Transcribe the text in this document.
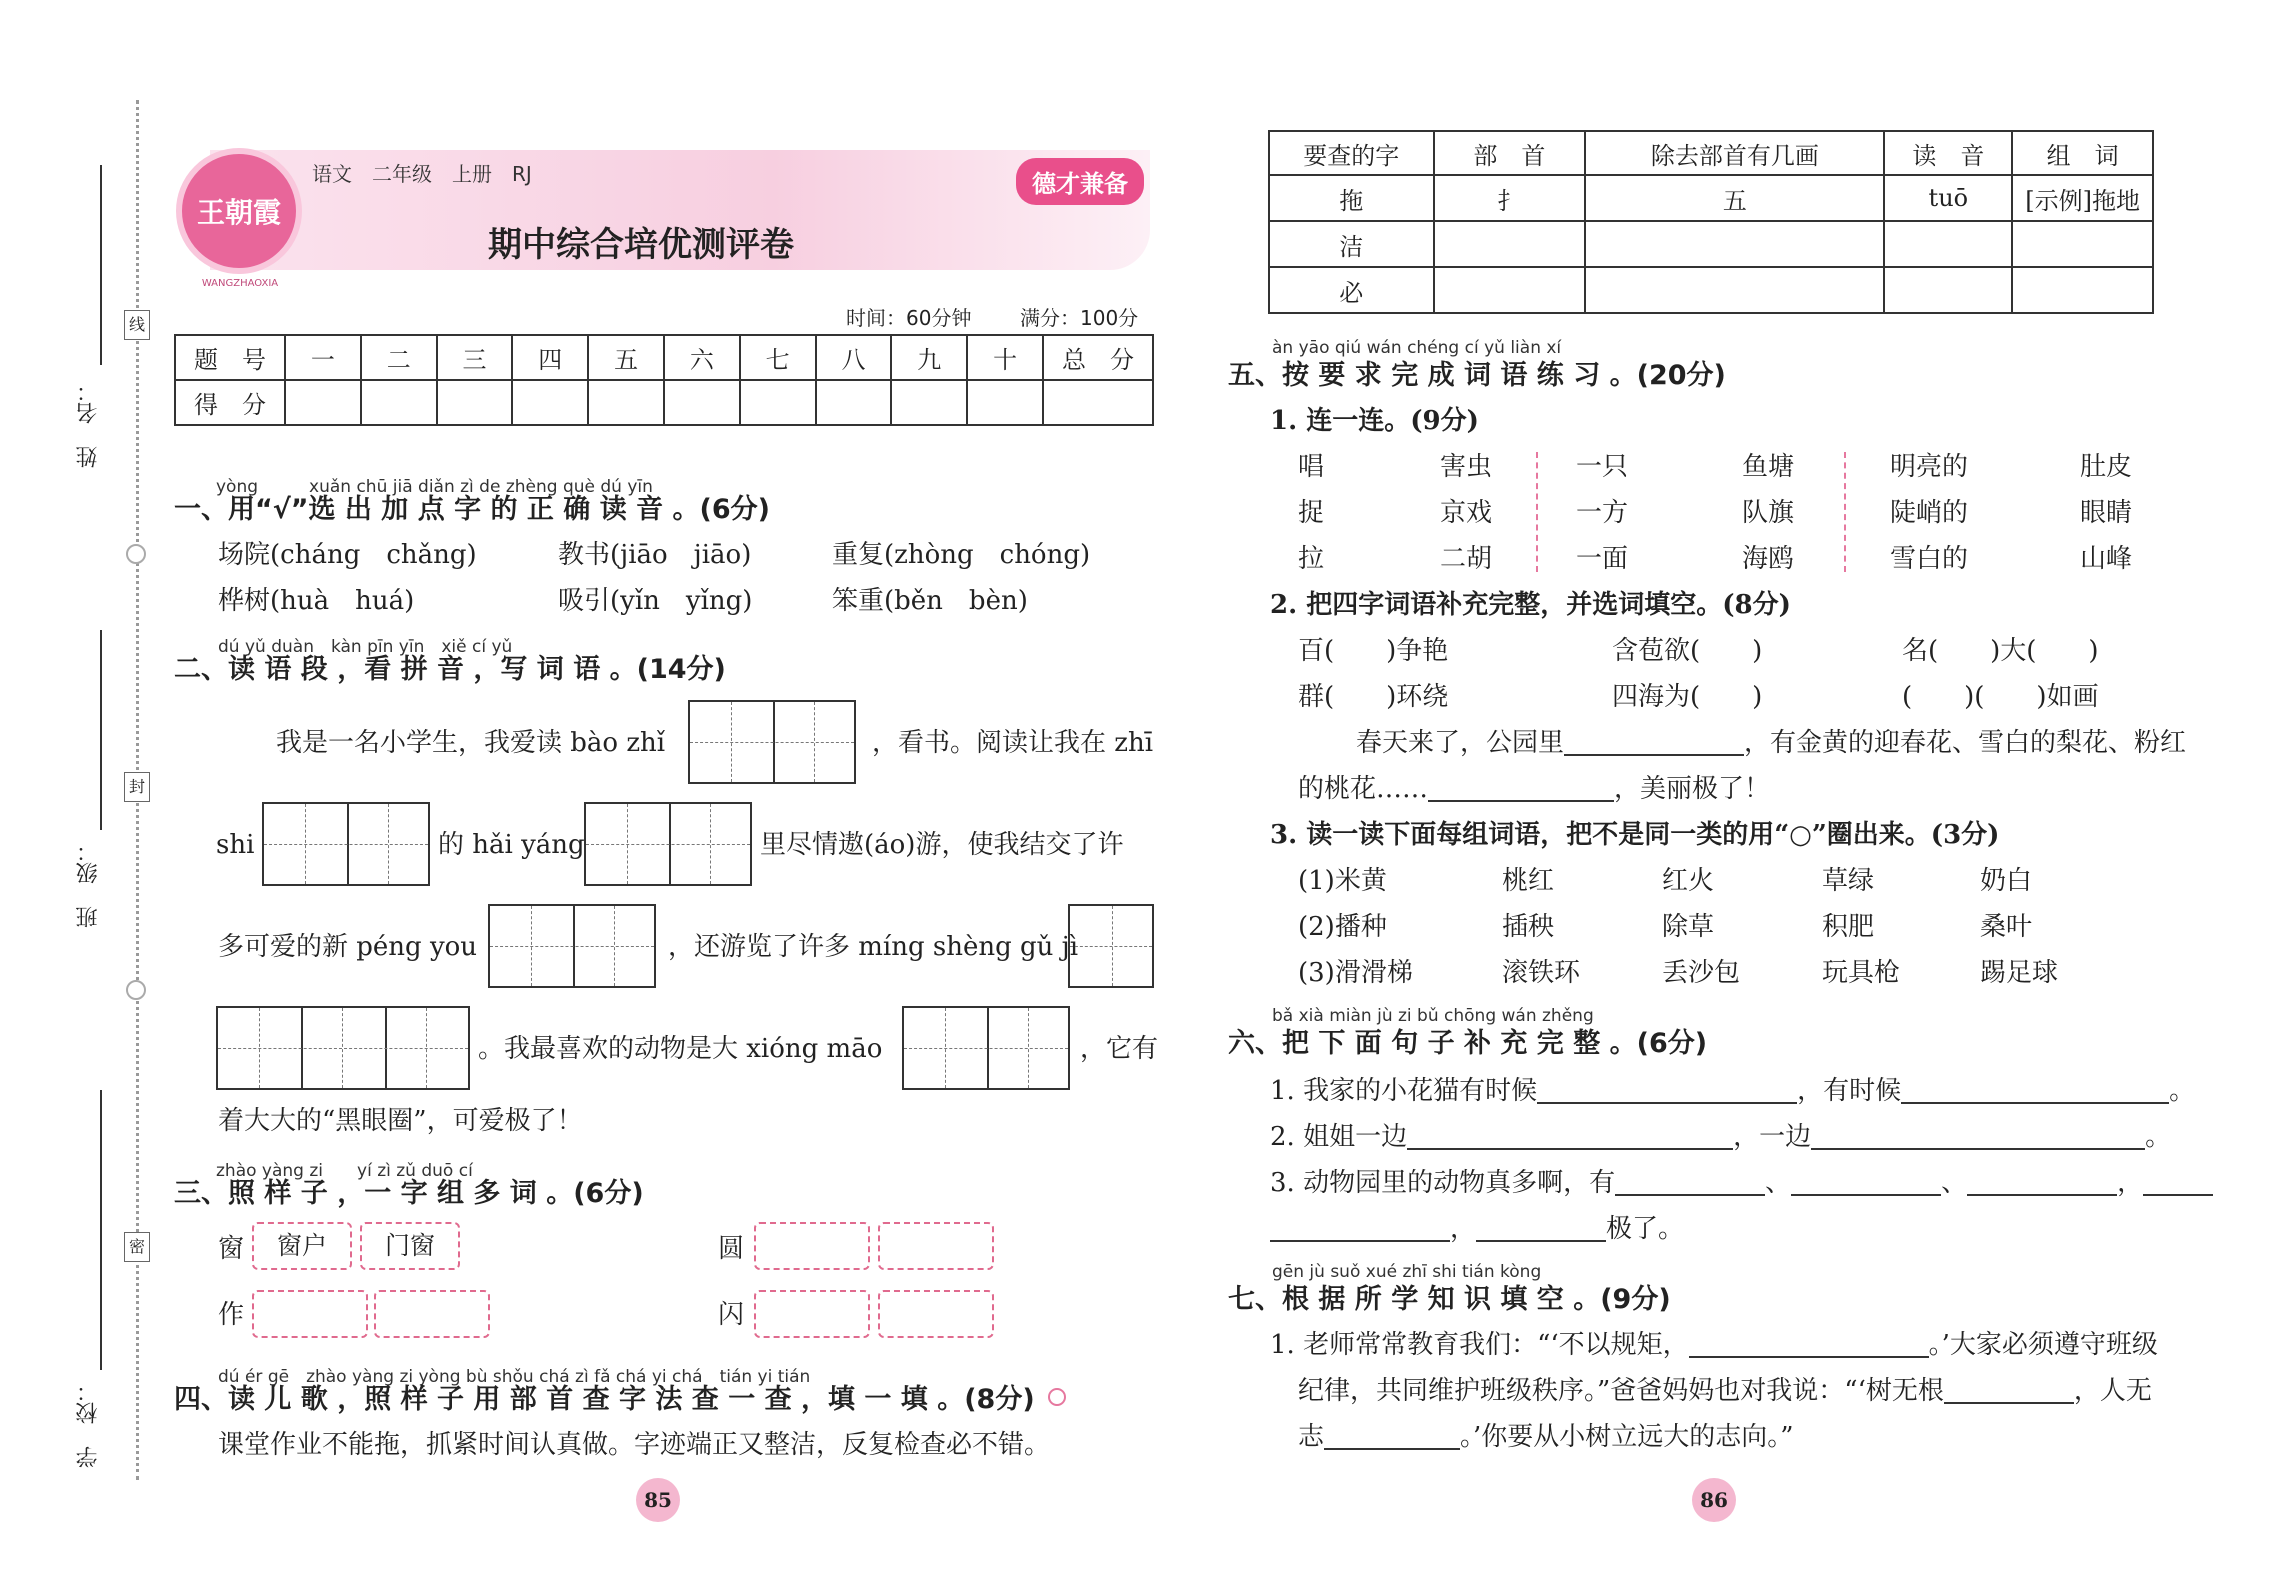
姓　名：
班　级：
学　校：
线
封
密
王朝霞
WANGZHAOXIA
语文　二年级　上册　RJ	德才兼备
期中综合培优测评卷
时间：60分钟 满分：100分
题　号	一	二	三	四	五	六	七	八	九	十	总　分
得　分											
yòng　　　xuǎn chū jiā diǎn zì de zhèng què dú yīn
一、用“√”选 出 加 点 字 的 正 确 读 音 。(6分)
场院(cháng　chǎng)	教书(jiāo　jiāo)	重复(zhòng　chóng)
桦树(huà　huá)	吸引(yǐn　yǐng)	笨重(běn　bèn)
dú yǔ duàn　kàn pīn yīn　xiě cí yǔ
二、读 语 段 ，看 拼 音 ，写 词 语 。(14分)
我是一名小学生，我爱读 bào zhǐ	，看书。阅读让我在 zhī
shi	的 hǎi yáng	里尽情遨(áo)游，使我结交了许
多可爱的新 péng you	，还游览了许多 míng shèng gǔ jì
。我最喜欢的动物是大 xióng māo	，它有
着大大的“黑眼圈”，可爱极了！
zhào yàng zi　　yí zì zǔ duō cí
三、照 样 子 ，一 字 组 多 词 。(6分)
窗	窗户	门窗	圆
作	闪
dú ér gē　zhào yàng zi yòng bù shǒu chá zì fǎ chá yi chá　tián yi tián
四、读 儿 歌 ，照 样 子 用 部 首 查 字 法 查 一 查 ，填 一 填 。(8分)
课堂作业不能拖，抓紧时间认真做。字迹端正又整洁，反复检查必不错。
85	86
要查的字	部　首	除去部首有几画	读　音	组　词
拖	扌	五	tuō	[示例]拖地
洁				
必				
àn yāo qiú wán chéng cí yǔ liàn xí
五、按 要 求 完 成 词 语 练 习 。(20分)
1. 连一连。(9分)
唱	害虫	一只	鱼塘	明亮的	肚皮
捉	京戏	一方	队旗	陡峭的	眼睛
拉	二胡	一面	海鸥	雪白的	山峰
2. 把四字词语补充完整，并选词填空。(8分)
百(　　)争艳	含苞欲(　　)	名(　　)大(　　)
群(　　)环绕	四海为(　　)	(　　)(　　)如画
春天来了，公园里	，有金黄的迎春花、雪白的梨花、粉红
的桃花……	，美丽极了！
3. 读一读下面每组词语，把不是同一类的用“○”圈出来。(3分)
(1)米黄	桃红	红火	草绿	奶白
(2)播种	插秧	除草	积肥	桑叶
(3)滑滑梯	滚铁环	丢沙包	玩具枪	踢足球
bǎ xià miàn jù zi bǔ chōng wán zhěng
六、把 下 面 句 子 补 充 完 整 。(6分)
1. 我家的小花猫有时候	，有时候	。
2. 姐姐一边	，一边	。
3. 动物园里的动物真多啊，有	、	、	，
，	极了。
gēn jù suǒ xué zhī shi tián kòng
七、根 据 所 学 知 识 填 空 。(9分)
1. 老师常常教育我们：“‘不以规矩，	。’大家必须遵守班级
纪律，共同维护班级秩序。”爸爸妈妈也对我说：“‘树无根	，人无
志	。’你要从小树立远大的志向。”
